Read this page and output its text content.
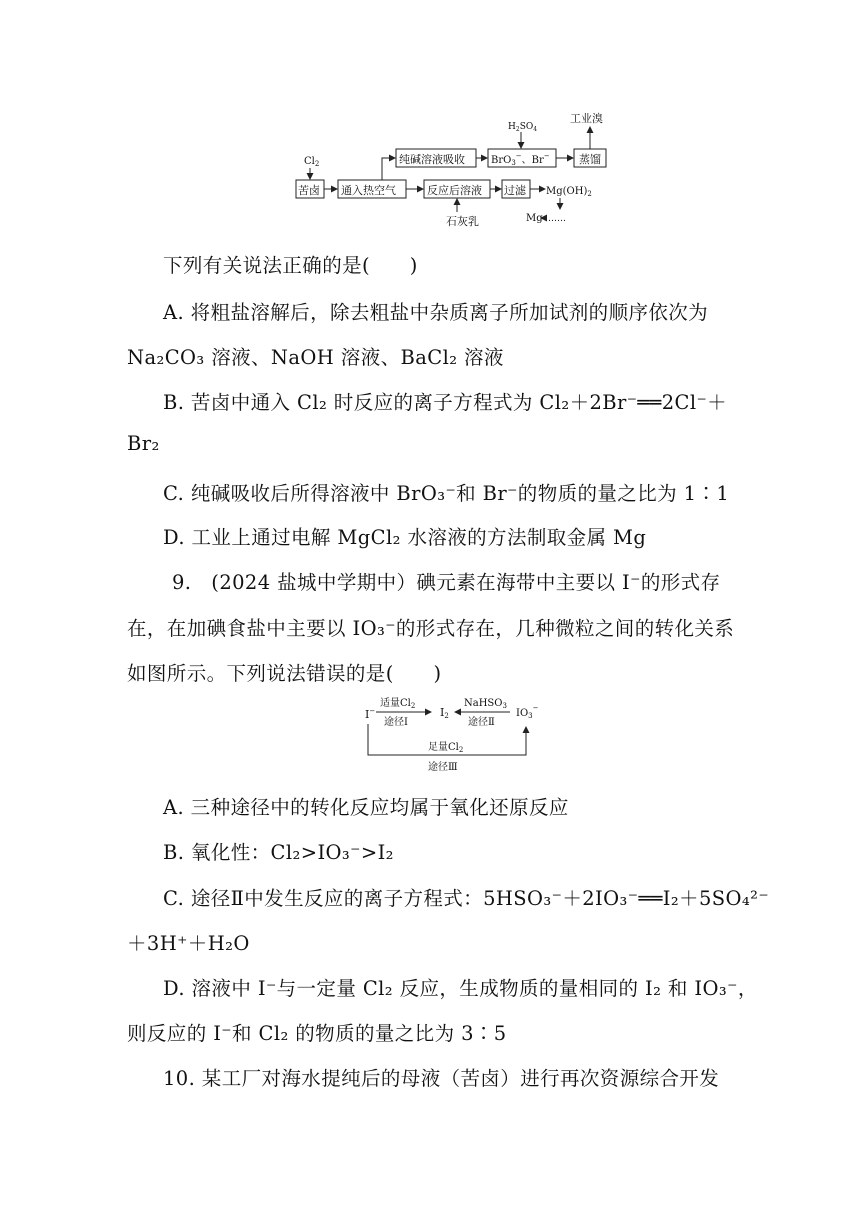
$Cl_2$
苦卤 通入热空气
纯碱溶液吸收	BrO$_3$−、Br−
$H_2SO_4$
蒸馏
工业溴
反应后溶液 过滤 $Mg(OH)_2$
石灰乳	Mg ……
下列有关说法正确的是(　　)
A. 将粗盐溶解后，除去粗盐中杂质离子所加试剂的顺序依次为
Na₂CO₃ 溶液、NaOH 溶液、BaCl₂ 溶液
B. 苦卤中通入 Cl₂ 时反应的离子方程式为 Cl₂＋2Br⁻══2Cl⁻＋
Br₂
C. 纯碱吸收后所得溶液中 BrO₃⁻和 Br⁻的物质的量之比为 1∶1
D. 工业上通过电解 MgCl₂ 水溶液的方法制取金属 Mg
9.　(2024 盐城中学期中）碘元素在海带中主要以 I⁻的形式存
在，在加碘食盐中主要以 IO₃⁻的形式存在，几种微粒之间的转化关系
如图所示。下列说法错误的是(　　)
I−
适量$Cl_2$
途径Ⅰ
I2
NaHSO$_3$
途径Ⅱ
$IO_3^-$
足量$Cl_2$
途径Ⅲ
A. 三种途径中的转化反应均属于氧化还原反应
B. 氧化性：Cl₂>IO₃⁻>I₂
C. 途径Ⅱ中发生反应的离子方程式：5HSO₃⁻＋2IO₃⁻══I₂＋5SO₄²⁻
＋3H⁺＋H₂O
D. 溶液中 I⁻与一定量 Cl₂ 反应，生成物质的量相同的 I₂ 和 IO₃⁻，
则反应的 I⁻和 Cl₂ 的物质的量之比为 3∶5
10. 某工厂对海水提纯后的母液（苦卤）进行再次资源综合开发
